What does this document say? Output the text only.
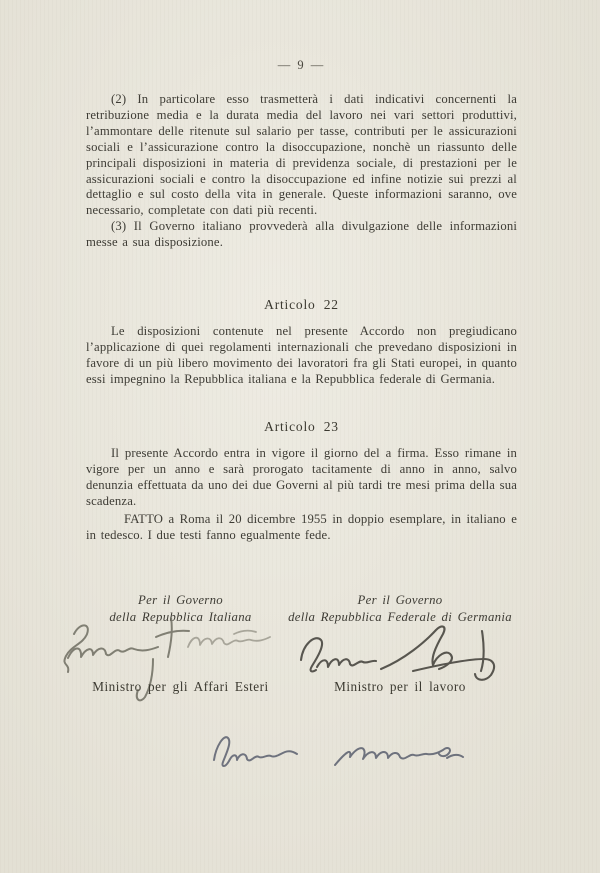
— 9 —

(2) In particolare esso trasmetterà i dati indicativi concernenti la retribuzione media e la durata media del lavoro nei vari settori produttivi, l’ammontare delle ritenute sul salario per tasse, contributi per le assicurazioni sociali e l’assicurazione contro la disoccupazione, nonchè un riassunto delle principali disposizioni in materia di previdenza sociale, di prestazioni per le assicurazioni sociali e contro la disoccupazione ed infine notizie sui prezzi al dettaglio e sul costo della vita in generale. Queste informazioni saranno, ove necessario, completate con dati più recenti.

(3) Il Governo italiano provvederà alla divulgazione delle informazioni messe a sua disposizione.

Articolo 22

Le disposizioni contenute nel presente Accordo non pregiudicano l’applicazione di quei regolamenti internazionali che prevedano disposizioni in favore di un più libero movimento dei lavoratori fra gli Stati europei, in quanto essi impegnino la Repubblica italiana e la Repubblica federale di Germania.

Articolo 23

Il presente Accordo entra in vigore il giorno del a firma. Esso rimane in vigore per un anno e sarà prorogato tacitamente di anno in anno, salvo denunzia effettuata da uno dei due Governi al più tardi tre mesi prima della sua scadenza.

FATTO a Roma il 20 dicembre 1955 in doppio esemplare, in italiano e in tedesco. I due testi fanno egualmente fede.

Per il Governo
della Repubblica Italiana
Per il Governo
della Repubblica Federale di Germania
Ministro per gli Affari Esteri	Ministro per il lavoro
